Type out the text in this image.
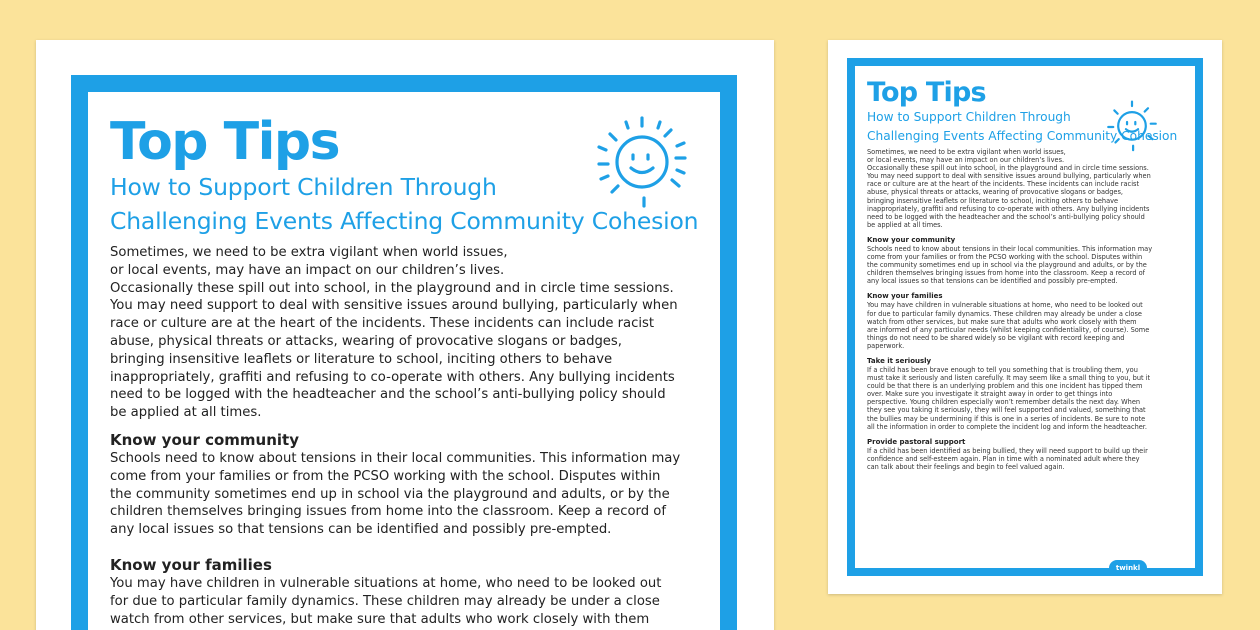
Top Tips
How to Support Children Through
Challenging Events Affecting Community Cohesion

Sometimes, we need to be extra vigilant when world issues,

or local events, may have an impact on our children’s lives.

Occasionally these spill out into school, in the playground and in circle time sessions.

You may need support to deal with sensitive issues around bullying, particularly when

race or culture are at the heart of the incidents. These incidents can include racist

abuse, physical threats or attacks, wearing of provocative slogans or badges,

bringing insensitive leaflets or literature to school, inciting others to behave

inappropriately, graffiti and refusing to co-operate with others. Any bullying incidents

need to be logged with the headteacher and the school’s anti-bullying policy should

be applied at all times.

Know your community

Schools need to know about tensions in their local communities. This information may

come from your families or from the PCSO working with the school. Disputes within

the community sometimes end up in school via the playground and adults, or by the

children themselves bringing issues from home into the classroom. Keep a record of

any local issues so that tensions can be identified and possibly pre-empted.

Know your families

You may have children in vulnerable situations at home, who need to be looked out

for due to particular family dynamics. These children may already be under a close

watch from other services, but make sure that adults who work closely with them

Top Tips
How to Support Children Through
Challenging Events Affecting Community Cohesion

Sometimes, we need to be extra vigilant when world issues,

or local events, may have an impact on our children’s lives.

Occasionally these spill out into school, in the playground and in circle time sessions.

You may need support to deal with sensitive issues around bullying, particularly when

race or culture are at the heart of the incidents. These incidents can include racist

abuse, physical threats or attacks, wearing of provocative slogans or badges,

bringing insensitive leaflets or literature to school, inciting others to behave

inappropriately, graffiti and refusing to co-operate with others. Any bullying incidents

need to be logged with the headteacher and the school’s anti-bullying policy should

be applied at all times.

Know your community

Schools need to know about tensions in their local communities. This information may

come from your families or from the PCSO working with the school. Disputes within

the community sometimes end up in school via the playground and adults, or by the

children themselves bringing issues from home into the classroom. Keep a record of

any local issues so that tensions can be identified and possibly pre-empted.

Know your families

You may have children in vulnerable situations at home, who need to be looked out

for due to particular family dynamics. These children may already be under a close

watch from other services, but make sure that adults who work closely with them

are informed of any particular needs (whilst keeping confidentiality, of course). Some

things do not need to be shared widely so be vigilant with record keeping and

paperwork.

Take it seriously

If a child has been brave enough to tell you something that is troubling them, you

must take it seriously and listen carefully. It may seem like a small thing to you, but it

could be that there is an underlying problem and this one incident has tipped them

over. Make sure you investigate it straight away in order to get things into

perspective. Young children especially won’t remember details the next day. When

they see you taking it seriously, they will feel supported and valued, something that

the bullies may be undermining if this is one in a series of incidents. Be sure to note

all the information in order to complete the incident log and inform the headteacher.

Provide pastoral support

If a child has been identified as being bullied, they will need support to build up their

confidence and self-esteem again. Plan in time with a nominated adult where they

can talk about their feelings and begin to feel valued again.

twinkl
